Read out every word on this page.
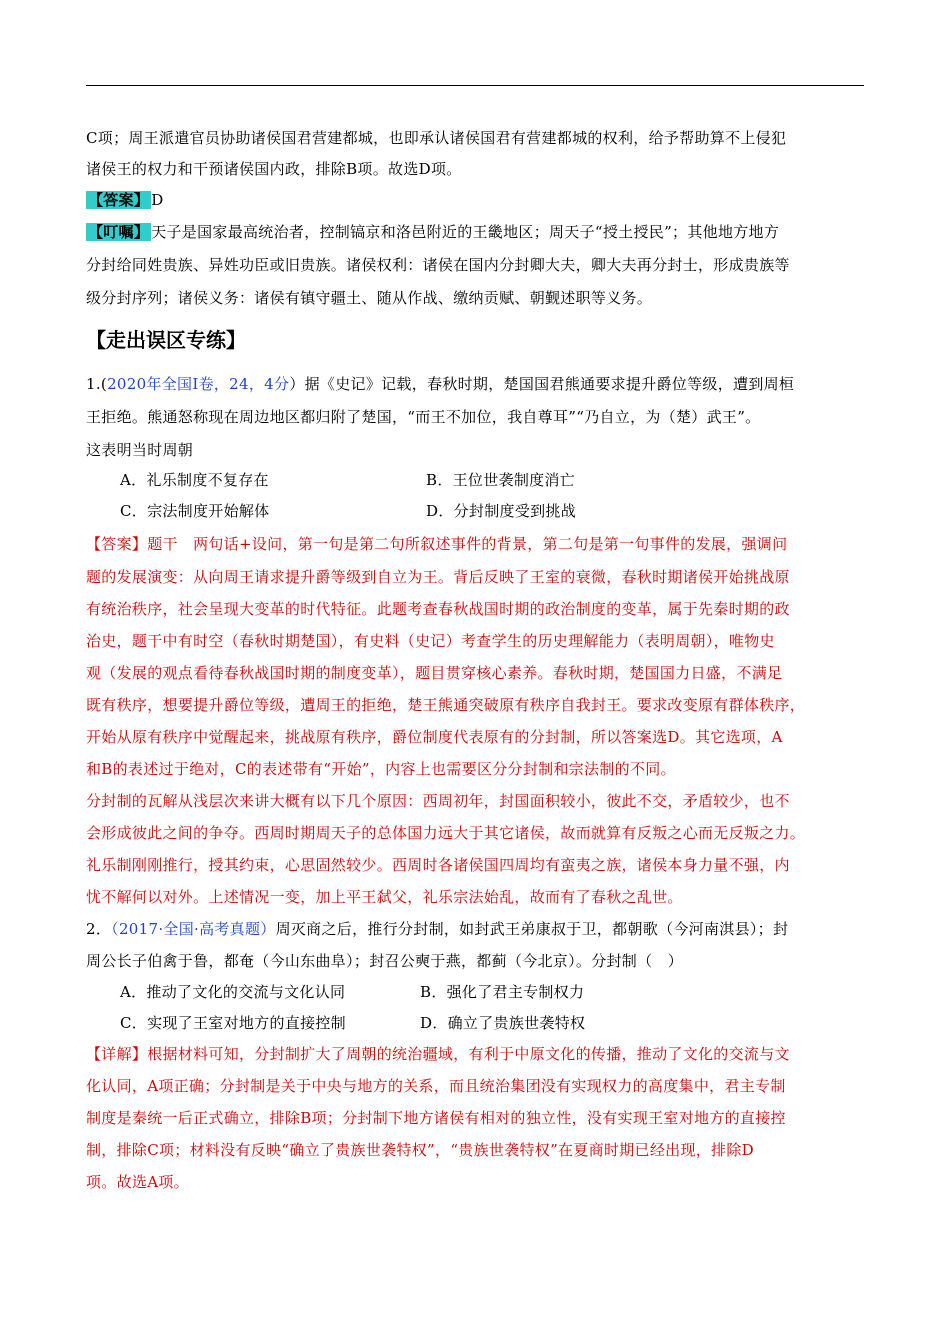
C项；周王派遣官员协助诸侯国君营建都城，也即承认诸侯国君有营建都城的权利，给予帮助算不上侵犯
诸侯王的权力和干预诸侯国内政，排除B项。故选D项。
【答案】 D
【叮嘱】 天子是国家最高统治者，控制镐京和洛邑附近的王畿地区；周天子“授土授民”；其他地方地方
分封给同姓贵族、异姓功臣或旧贵族。诸侯权利：诸侯在国内分封卿大夫，卿大夫再分封士，形成贵族等
级分封序列；诸侯义务：诸侯有镇守疆土、随从作战、缴纳贡赋、朝觐述职等义务。
【走出误区专练】
1.(2020年全国Ⅰ卷，24，4分）据《史记》记载，春秋时期，楚国国君熊通要求提升爵位等级，遭到周桓
王拒绝。熊通怒称现在周边地区都归附了楚国，“而王不加位，我自尊耳”“乃自立，为（楚）武王”。
这表明当时周朝
A．礼乐制度不复存在	B．王位世袭制度消亡
C．宗法制度开始解体	D．分封制度受到挑战
【答案】题干　两句话+设问，第一句是第二句所叙述事件的背景，第二句是第一句事件的发展，强调问
题的发展演变：从向周王请求提升爵等级到自立为王。背后反映了王室的衰微，春秋时期诸侯开始挑战原
有统治秩序，社会呈现大变革的时代特征。此题考查春秋战国时期的政治制度的变革，属于先秦时期的政
治史，题干中有时空（春秋时期楚国），有史料（史记）考查学生的历史理解能力（表明周朝），唯物史
观（发展的观点看待春秋战国时期的制度变革），题目贯穿核心素养。春秋时期，楚国国力日盛，不满足
既有秩序，想要提升爵位等级，遭周王的拒绝，楚王熊通突破原有秩序自我封王。要求改变原有群体秩序，
开始从原有秩序中觉醒起来，挑战原有秩序，爵位制度代表原有的分封制，所以答案选D。其它选项，A
和B的表述过于绝对，C的表述带有“开始”，内容上也需要区分分封制和宗法制的不同。
分封制的瓦解从浅层次来讲大概有以下几个原因：西周初年，封国面积较小，彼此不交，矛盾较少，也不
会形成彼此之间的争夺。西周时期周天子的总体国力远大于其它诸侯，故而就算有反叛之心而无反叛之力。
礼乐制刚刚推行，授其约束，心思固然较少。西周时各诸侯国四周均有蛮夷之族，诸侯本身力量不强，内
忧不解何以对外。上述情况一变，加上平王弑父，礼乐宗法始乱，故而有了春秋之乱世。
2．（2017·全国·高考真题）周灭商之后，推行分封制，如封武王弟康叔于卫，都朝歌（今河南淇县）；封
周公长子伯禽于鲁，都奄（今山东曲阜）；封召公奭于燕，都蓟（今北京）。分封制（　）
A．推动了文化的交流与文化认同	B．强化了君主专制权力
C．实现了王室对地方的直接控制	D．确立了贵族世袭特权
【详解】根据材料可知，分封制扩大了周朝的统治疆域，有利于中原文化的传播，推动了文化的交流与文
化认同，A项正确；分封制是关于中央与地方的关系，而且统治集团没有实现权力的高度集中，君主专制
制度是秦统一后正式确立，排除B项；分封制下地方诸侯有相对的独立性，没有实现王室对地方的直接控
制，排除C项；材料没有反映“确立了贵族世袭特权”，“贵族世袭特权”在夏商时期已经出现，排除D
项。故选A项。
